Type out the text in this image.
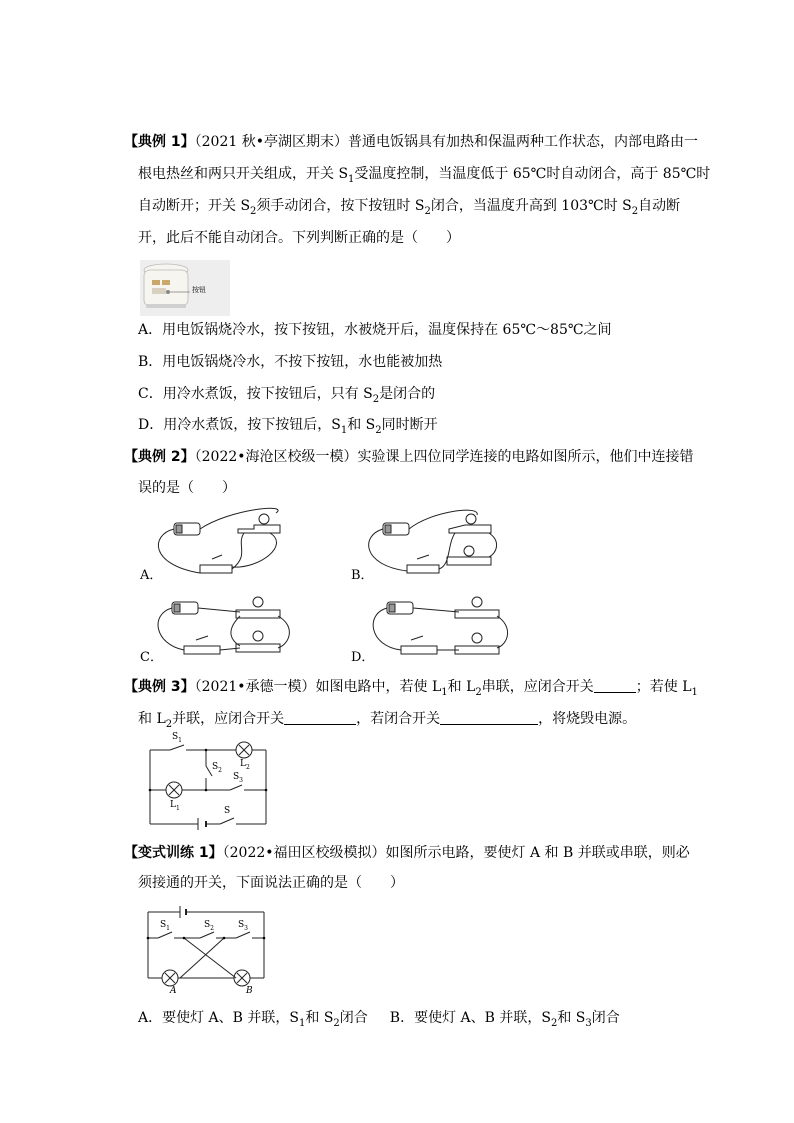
【典例 1】（2021 秋•亭湖区期末）普通电饭锅具有加热和保温两种工作状态，内部电路由一
根电热丝和两只开关组成，开关 $S_1$受温度控制，当温度低于 65℃时自动闭合，高于 85℃时
自动断开；开关 $S_2$须手动闭合，按下按钮时 $S_2$闭合，当温度升高到 103℃时 $S_2$自动断
开，此后不能自动闭合。下列判断正确的是（　　）
按钮
A．用电饭锅烧冷水，按下按钮，水被烧开后，温度保持在 65℃～85℃之间
B．用电饭锅烧冷水，不按下按钮，水也能被加热
C．用冷水煮饭，按下按钮后，只有 $S_2$是闭合的
D．用冷水煮饭，按下按钮后，$S_1$和 $S_2$同时断开
【典例 2】（2022•海沧区校级一模）实验课上四位同学连接的电路如图所示，他们中连接错
误的是（　　）
A．	B．
C．	D．
【典例 3】（2021•承德一模）如图电路中，若使 $L_1$和 $L_2$串联，应闭合开关	；若使 $L_1$
和 $L_2$并联，应闭合开关	，若闭合开关	，将烧毁电源。
$S_1$
$S_2$
$L_2$
$S_3$
$L_1$	S
【变式训练 1】（2022•福田区校级模拟）如图所示电路，要使灯 A 和 B 并联或串联，则必
须接通的开关，下面说法正确的是（　　）
$S_1$	$S_2$	$S_3$
A	B
A．要使灯 A、B 并联，$S_1$和 $S_2$闭合 B．要使灯 A、B 并联，$S_2$和 $S_3$闭合
